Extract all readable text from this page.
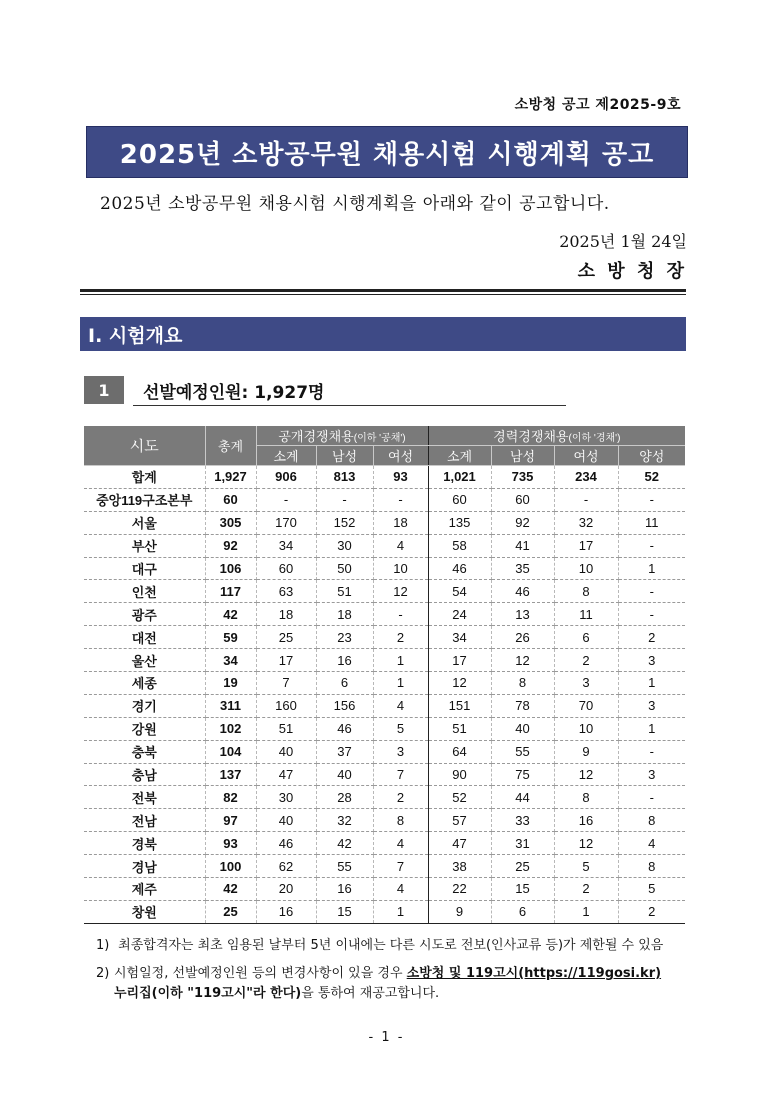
소방청 공고 제2025-9호
2025년 소방공무원 채용시험 시행계획 공고
2025년 소방공무원 채용시험 시행계획을 아래와 같이 공고합니다.
2025년 1월 24일
소 방 청 장
Ⅰ. 시험개요
1	선발예정인원: 1,927명
시도	총계	공개경쟁채용(이하 '공채')			경력경쟁채용(이하 '경채')			
		소계	남성	여성	소계	남성	여성	양성
합계	1,927	906	813	93	1,021	735	234	52
중앙119구조본부	60	-	-	-	60	60	-	-
서울	305	170	152	18	135	92	32	11
부산	92	34	30	4	58	41	17	-
대구	106	60	50	10	46	35	10	1
인천	117	63	51	12	54	46	8	-
광주	42	18	18	-	24	13	11	-
대전	59	25	23	2	34	26	6	2
울산	34	17	16	1	17	12	2	3
세종	19	7	6	1	12	8	3	1
경기	311	160	156	4	151	78	70	3
강원	102	51	46	5	51	40	10	1
충북	104	40	37	3	64	55	9	-
충남	137	47	40	7	90	75	12	3
전북	82	30	28	2	52	44	8	-
전남	97	40	32	8	57	33	16	8
경북	93	46	42	4	47	31	12	4
경남	100	62	55	7	38	25	5	8
제주	42	20	16	4	22	15	2	5
창원	25	16	15	1	9	6	1	2
1) 최종합격자는 최초 임용된 날부터 5년 이내에는 다른 시도로 전보(인사교류 등)가 제한될 수 있음
2) 시험일정, 선발예정인원 등의 변경사항이 있을 경우 소방청 및 119고시(https://119gosi.kr)
누리집(이하 "119고시"라 한다)을 통하여 재공고합니다.
- 1 -
